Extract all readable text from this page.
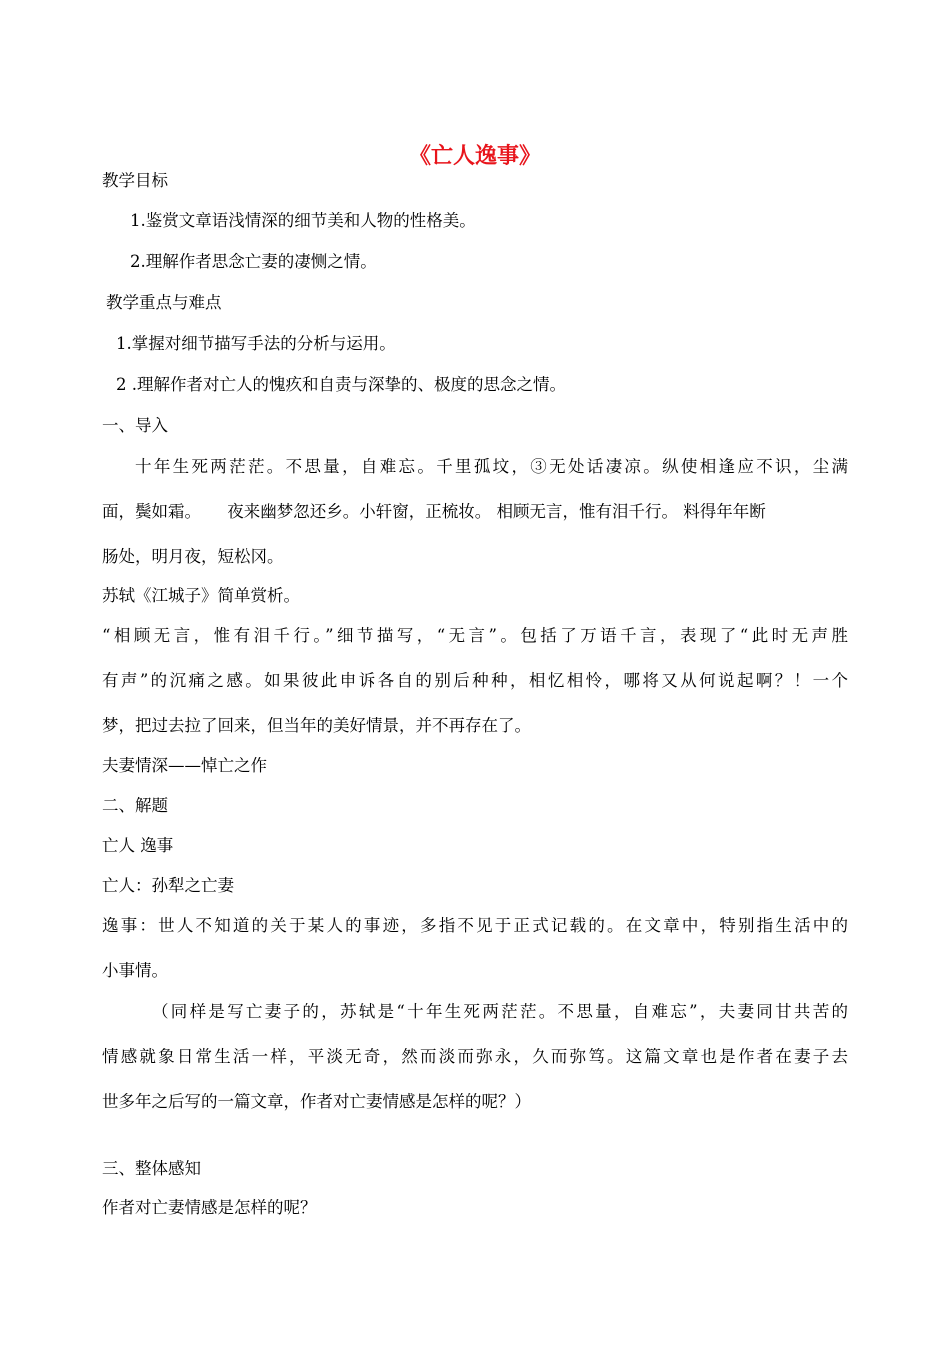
《亡人逸事》

教学目标

1.鉴赏文章语浅情深的细节美和人物的性格美。

2.理解作者思念亡妻的凄恻之情。

教学重点与难点

1.掌握对细节描写手法的分析与运用。

2 .理解作者对亡人的愧疚和自责与深挚的、极度的思念之情。

一、导入

十年生死两茫茫。不思量，自难忘。千里孤坟，③无处话凄凉。纵使相逢应不识，尘满

面，鬓如霜。     夜来幽梦忽还乡。小轩窗，正梳妆。 相顾无言，惟有泪千行。 料得年年断

肠处，明月夜，短松冈。

苏轼《江城子》简单赏析。

“相顾无言，惟有泪千行。”细节描写，“无言”。包括了万语千言，表现了“此时无声胜

有声”的沉痛之感。如果彼此申诉各自的别后种种，相忆相怜，哪将又从何说起啊？！一个

梦，把过去拉了回来，但当年的美好情景，并不再存在了。

夫妻情深——悼亡之作

二、解题

亡人 逸事

亡人：孙犁之亡妻

逸事：世人不知道的关于某人的事迹，多指不见于正式记载的。在文章中，特别指生活中的

小事情。

（同样是写亡妻子的，苏轼是“十年生死两茫茫。不思量，自难忘”，夫妻同甘共苦的

情感就象日常生活一样，平淡无奇，然而淡而弥永，久而弥笃。这篇文章也是作者在妻子去

世多年之后写的一篇文章，作者对亡妻情感是怎样的呢？）

三、整体感知

作者对亡妻情感是怎样的呢？
